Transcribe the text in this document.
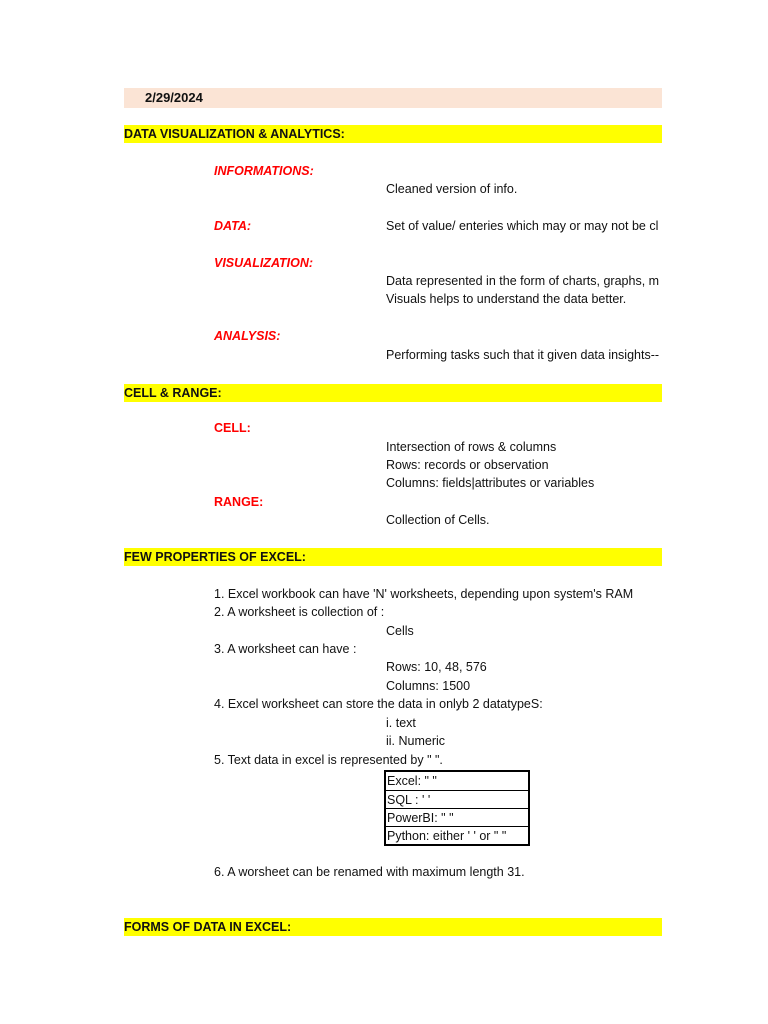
2/29/2024
DATA VISUALIZATION & ANALYTICS:
INFORMATIONS:
Cleaned version of info.
DATA:	Set of value/ enteries which may or may not be cl
VISUALIZATION:
Data represented in the form of charts, graphs, m
Visuals helps to understand the data better.
ANALYSIS:
Performing tasks such that it given data insights--
CELL & RANGE:
CELL:
Intersection of rows & columns
Rows: records or observation
Columns: fields|attributes or variables
RANGE:
Collection of Cells.
FEW PROPERTIES OF EXCEL:
1. Excel workbook can have 'N' worksheets, depending upon system's RAM
2. A worksheet is collection of :
Cells
3. A worksheet can have :
Rows: 10, 48, 576
Columns: 1500
4. Excel worksheet can store the data in onlyb 2 datatypeS:
i. text
ii. Numeric
5. Text data in excel is represented by " ".
Excel: " "
SQL : ' '
PowerBI: " "
Python: either ' ' or " "
6. A worsheet can be renamed with maximum length 31.
FORMS OF DATA IN EXCEL:
